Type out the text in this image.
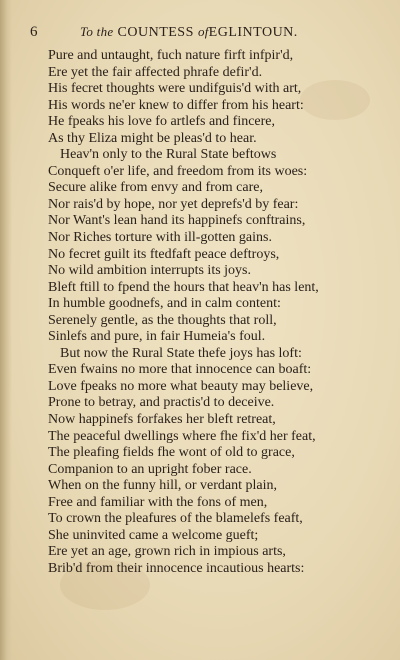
6	To the COUNTESS ofEGLINTOUN.
Pure and untaught, fuch nature firft infpir'd,
Ere yet the fair affected phrafe defir'd.
His fecret thoughts were undifguis'd with art,
His words ne'er knew to differ from his heart:
He fpeaks his love fo artlefs and fincere,
As thy Eliza might be pleas'd to hear.
Heav'n only to the Rural State beftows
Conqueft o'er life, and freedom from its woes:
Secure alike from envy and from care,
Nor rais'd by hope, nor yet deprefs'd by fear:
Nor Want's lean hand its happinefs conftrains,
Nor Riches torture with ill-gotten gains.
No fecret guilt its ftedfaft peace deftroys,
No wild ambition interrupts its joys.
Bleft ftill to fpend the hours that heav'n has lent,
In humble goodnefs, and in calm content:
Serenely gentle, as the thoughts that roll,
Sinlefs and pure, in fair Humeia's foul.
But now the Rural State thefe joys has loft:
Even fwains no more that innocence can boaft:
Love fpeaks no more what beauty may believe,
Prone to betray, and practis'd to deceive.
Now happinefs forfakes her bleft retreat,
The peaceful dwellings where fhe fix'd her feat,
The pleafing fields fhe wont of old to grace,
Companion to an upright fober race.
When on the funny hill, or verdant plain,
Free and familiar with the fons of men,
To crown the pleafures of the blamelefs feaft,
She uninvited came a welcome gueft;
Ere yet an age, grown rich in impious arts,
Brib'd from their innocence incautious hearts:
